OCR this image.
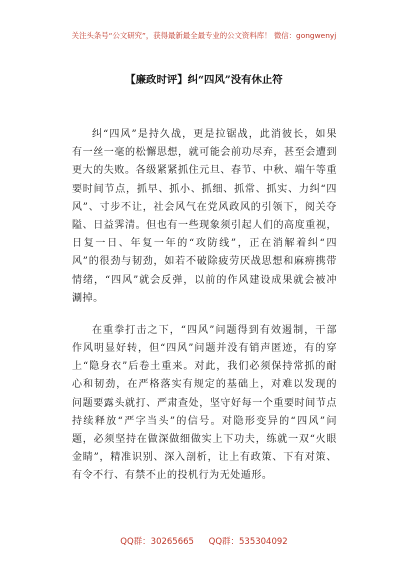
关注头条号“公文研究”，获得最新最全最专业的公文资料库！ 微信：gongwenyj
【廉政时评】纠“四风”没有休止符
纠“四风”是持久战，更是拉锯战，此消彼长，如果
有一丝一毫的松懈思想，就可能会前功尽弃，甚至会遭到
更大的失败。各级紧紧抓住元旦、春节、中秋、端午等重
要时间节点，抓早、抓小、抓细、抓常、抓实、力纠“四
风”、寸步不让，社会风气在党风政风的引领下，阅关夺
隘、日益霁清。但也有一些现象须引起人们的高度重视，
日复一日、年复一年的“攻防线”，正在消解着纠“四
风”的很劲与韧劲，如若不破除疲劳厌战思想和麻痹携带
情绪，“四风”就会反弹，以前的作风建设成果就会被冲
涮掉。
在重拳打击之下，“四风”问题得到有效遏制，干部
作风明显好转，但“四风”问题并没有销声匿迹，有的穿
上“隐身衣”后卷土重来。对此，我们必须保持常抓的耐
心和韧劲，在严格落实有规定的基础上，对难以发现的
问题要露头就打、严肃查处，坚守好每一个重要时间节点
持续释放“严字当头”的信号。对隐形变异的“四风”问
题，必须坚持在做深做细做实上下功夫，练就一双“火眼
金睛”，精准识别、深入剖析，让上有政策、下有对策、
有令不行、有禁不止的投机行为无处遁形。
QQ群：30265665 QQ群：535304092
